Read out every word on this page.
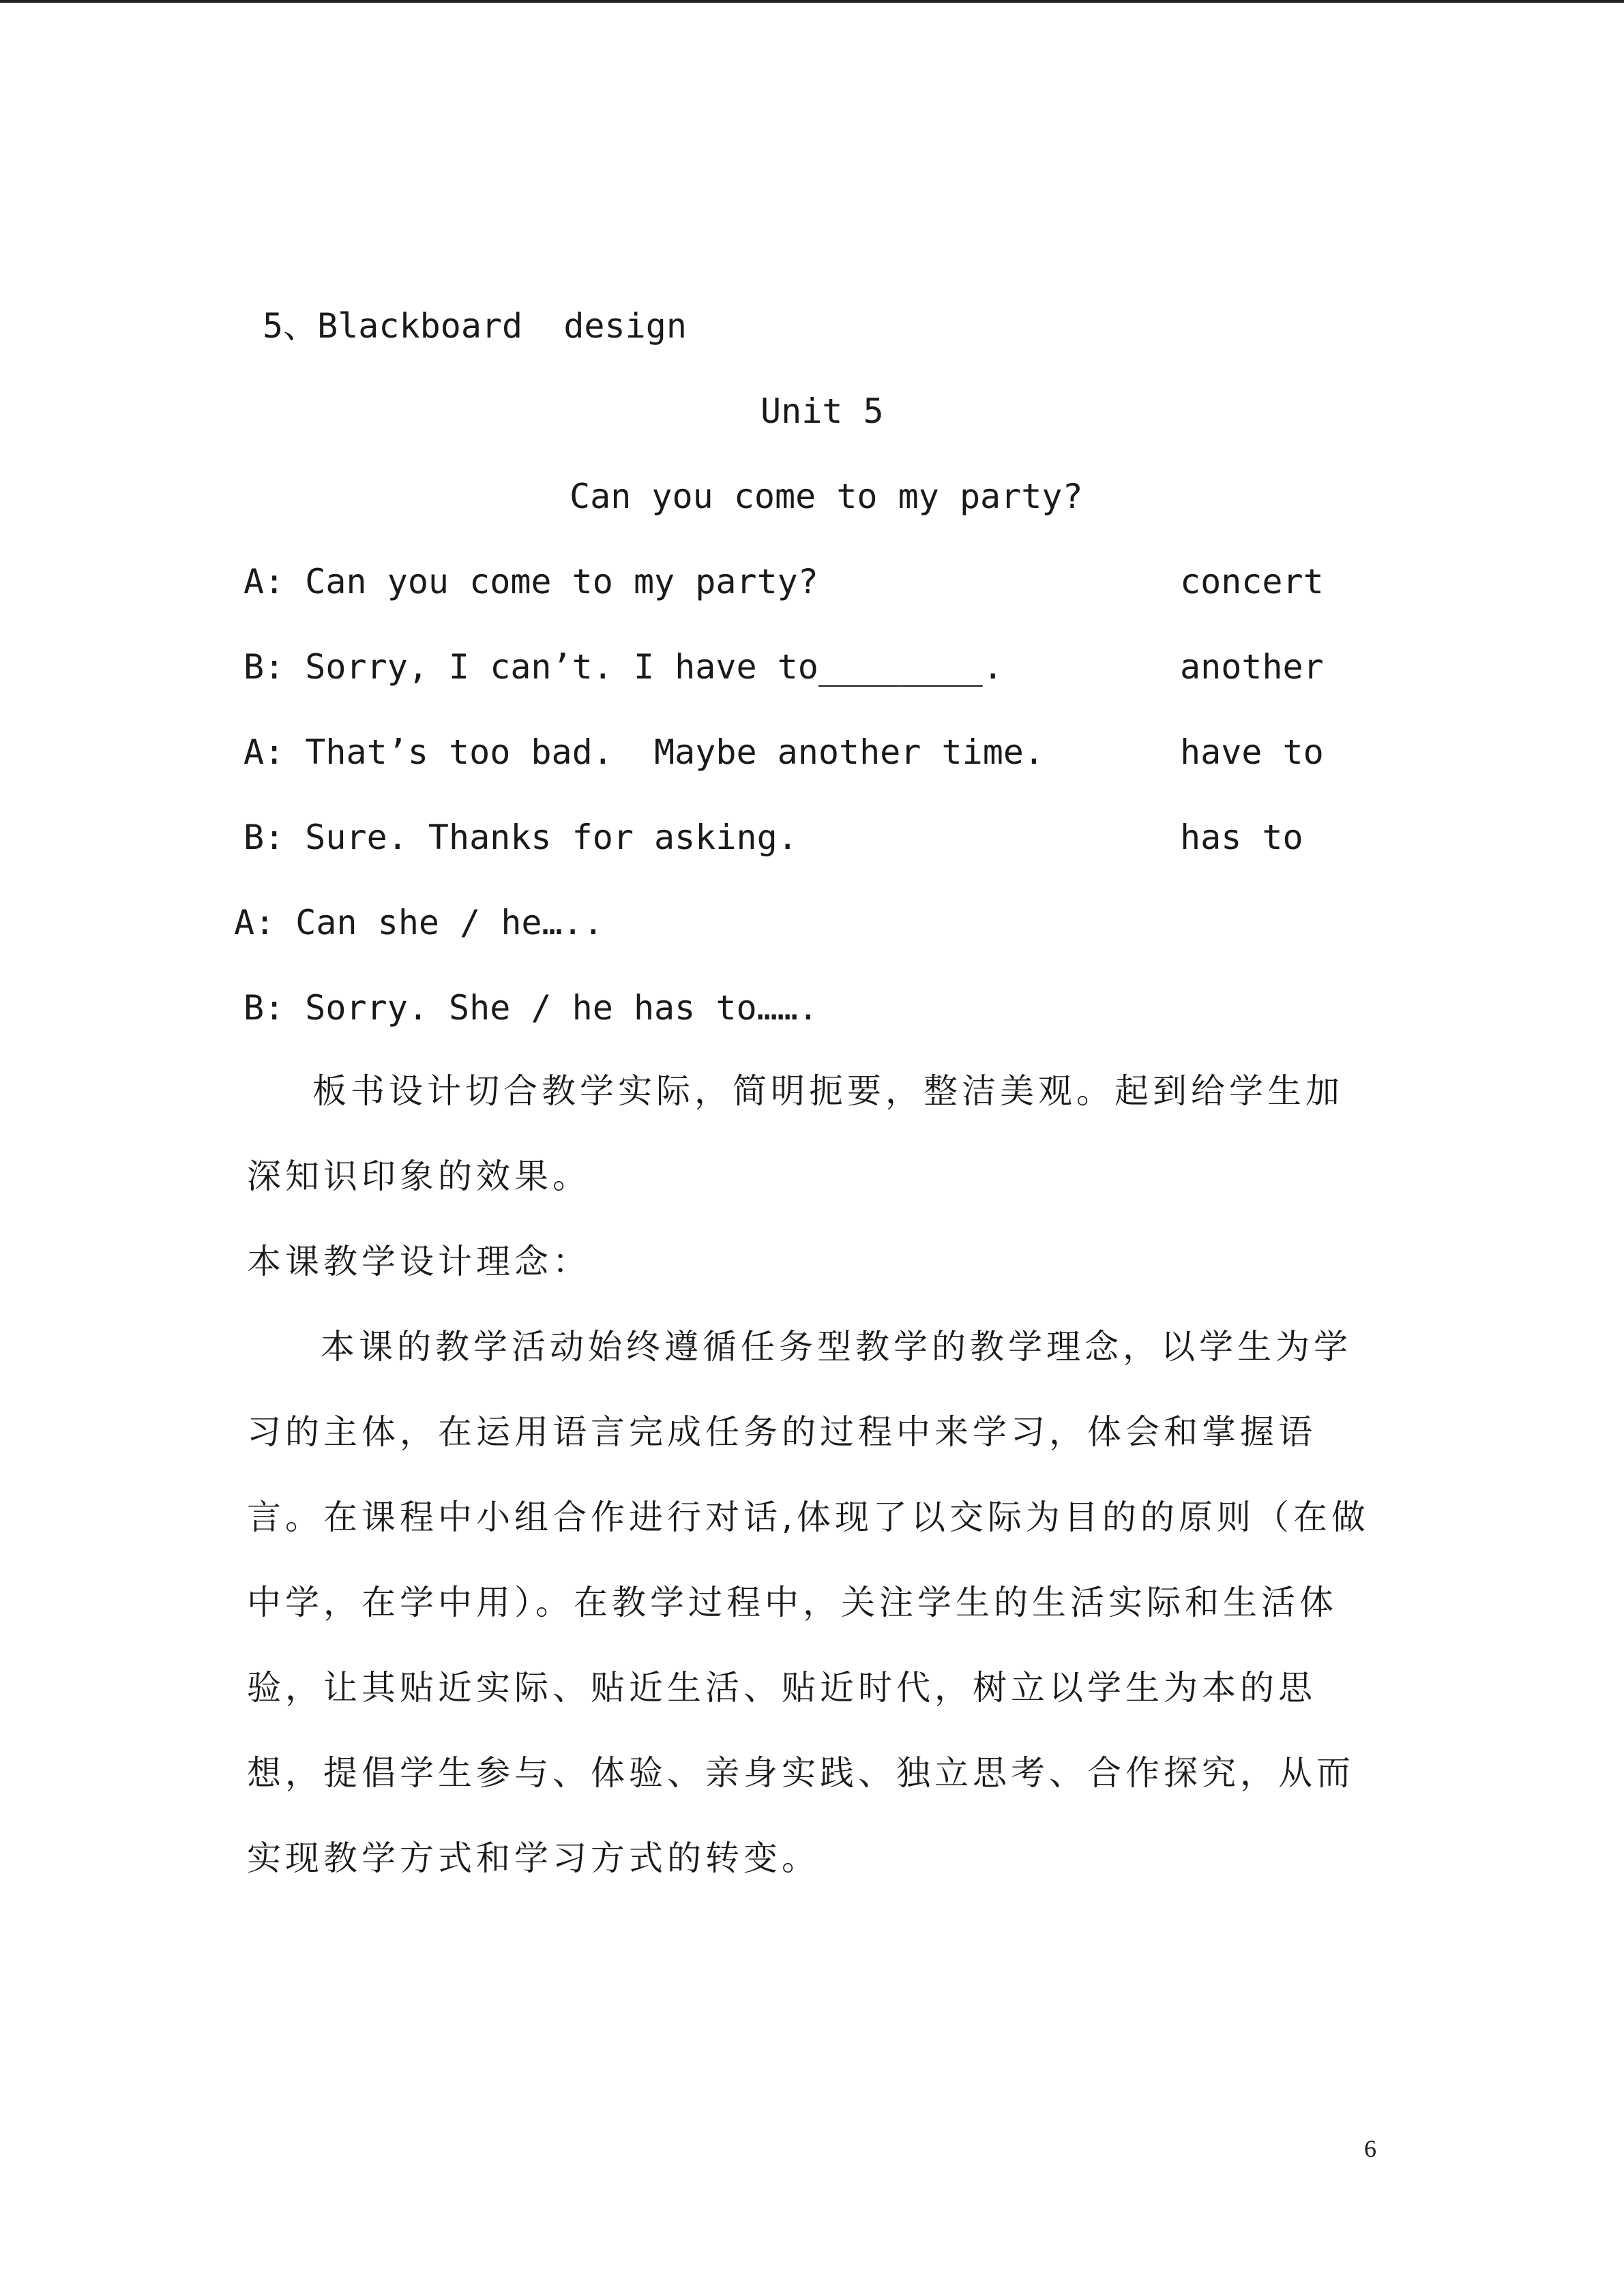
5、Blackboard  design
Unit 5
Can you come to my party?
A: Can you come to my party?	concert
B: Sorry, I can’t. I have to________.	another
A: That’s too bad.  Maybe another time.	have to
B: Sure. Thanks for asking.	has to
A: Can she / he…..
B: Sorry. She / he has to…….
板书设计切合教学实际，简明扼要，整洁美观。起到给学生加
深知识印象的效果。
本课教学设计理念：
本课的教学活动始终遵循任务型教学的教学理念，以学生为学
习的主体，在运用语言完成任务的过程中来学习，体会和掌握语
言。在课程中小组合作进行对话,体现了以交际为目的的原则（在做
中学，在学中用）。在教学过程中，关注学生的生活实际和生活体
验，让其贴近实际、贴近生活、贴近时代，树立以学生为本的思
想，提倡学生参与、体验、亲身实践、独立思考、合作探究，从而
实现教学方式和学习方式的转变。
6
